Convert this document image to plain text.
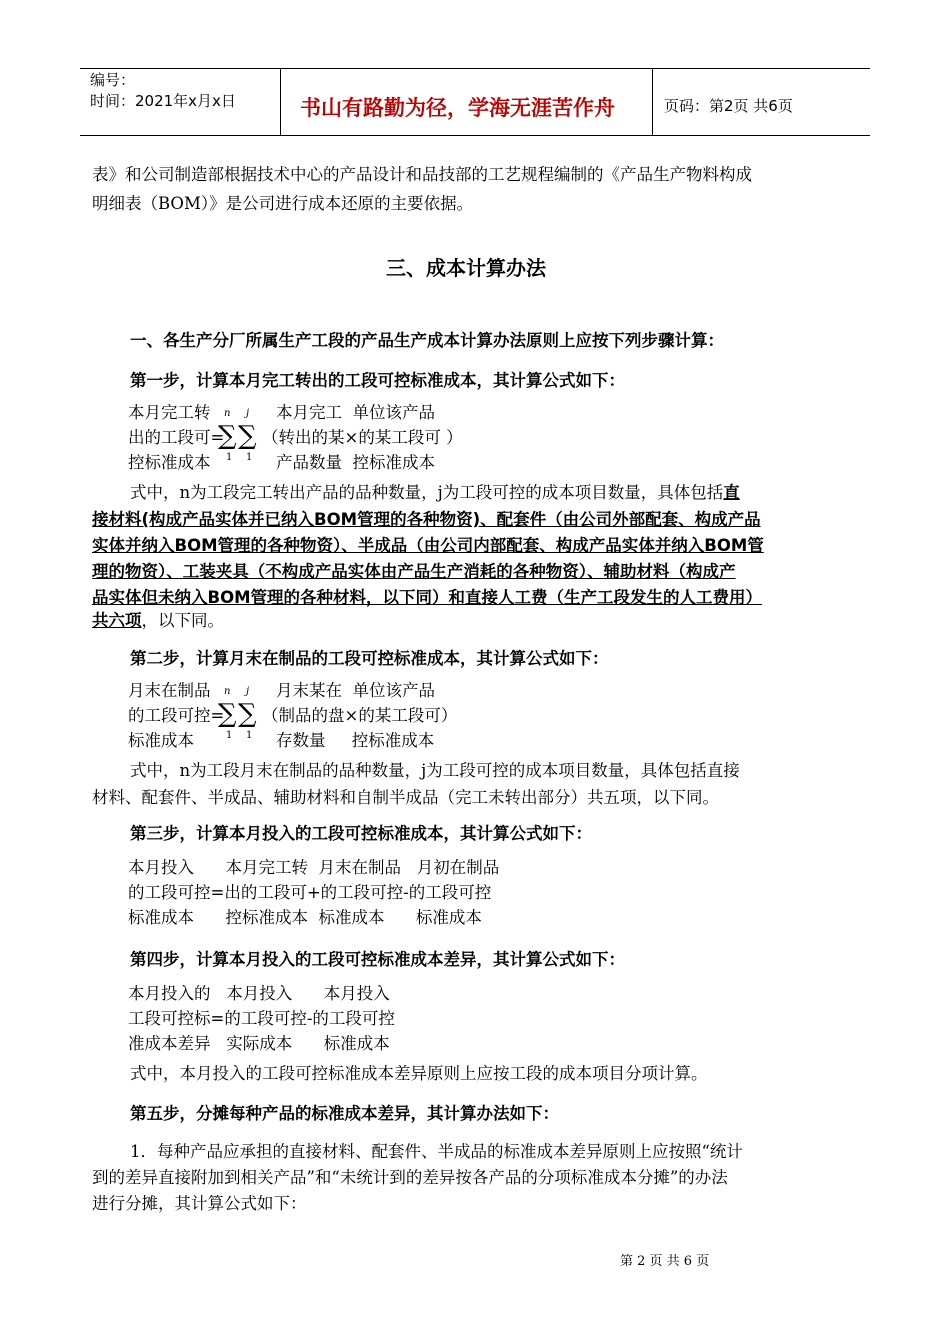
编号：
时间：2021年x月x日	书山有路勤为径，学海无涯苦作舟	页码：第2页 共6页
表》和公司制造部根据技术中心的产品设计和品技部的工艺规程编制的《产品生产物料构成
明细表（BOM）》是公司进行成本还原的主要依据。
三、成本计算办法
一、各生产分厂所属生产工段的产品生产成本计算办法原则上应按下列步骤计算：
第一步，计算本月完工转出的工段可控标准成本，其计算公式如下：
本月完工转
出的工段可=
控标准成本
n j
∑ ∑
1 1
本月完工  单位该产品
（转出的某×的某工段可 ）
产品数量  控标准成本
式中，n为工段完工转出产品的品种数量，j为工段可控的成本项目数量，具体包括直
接材料(构成产品实体并已纳入BOM管理的各种物资)、配套件（由公司外部配套、构成产品
实体并纳入BOM管理的各种物资）、半成品（由公司内部配套、构成产品实体并纳入BOM管
理的物资）、工装夹具（不构成产品实体由产品生产消耗的各种物资）、辅助材料（构成产
品实体但未纳入BOM管理的各种材料，以下同）和直接人工费（生产工段发生的人工费用）
共六项，以下同。
第二步，计算月末在制品的工段可控标准成本，其计算公式如下：
月末在制品
的工段可控=
标准成本
n j
∑ ∑
1 1
月末某在  单位该产品
（制品的盘×的某工段可）
存数量     控标准成本
式中，n为工段月末在制品的品种数量，j为工段可控的成本项目数量，具体包括直接
材料、配套件、半成品、辅助材料和自制半成品（完工未转出部分）共五项，以下同。
第三步，计算本月投入的工段可控标准成本，其计算公式如下：
本月投入      本月完工转  月末在制品   月初在制品
的工段可控=出的工段可+的工段可控-的工段可控
标准成本      控标准成本  标准成本      标准成本
第四步，计算本月投入的工段可控标准成本差异，其计算公式如下：
本月投入的   本月投入      本月投入
工段可控标=的工段可控-的工段可控
准成本差异   实际成本      标准成本
式中，本月投入的工段可控标准成本差异原则上应按工段的成本项目分项计算。
第五步，分摊每种产品的标准成本差异，其计算办法如下：
1．每种产品应承担的直接材料、配套件、半成品的标准成本差异原则上应按照“统计
到的差异直接附加到相关产品”和“未统计到的差异按各产品的分项标准成本分摊”的办法
进行分摊，其计算公式如下：
第 2 页 共 6 页
